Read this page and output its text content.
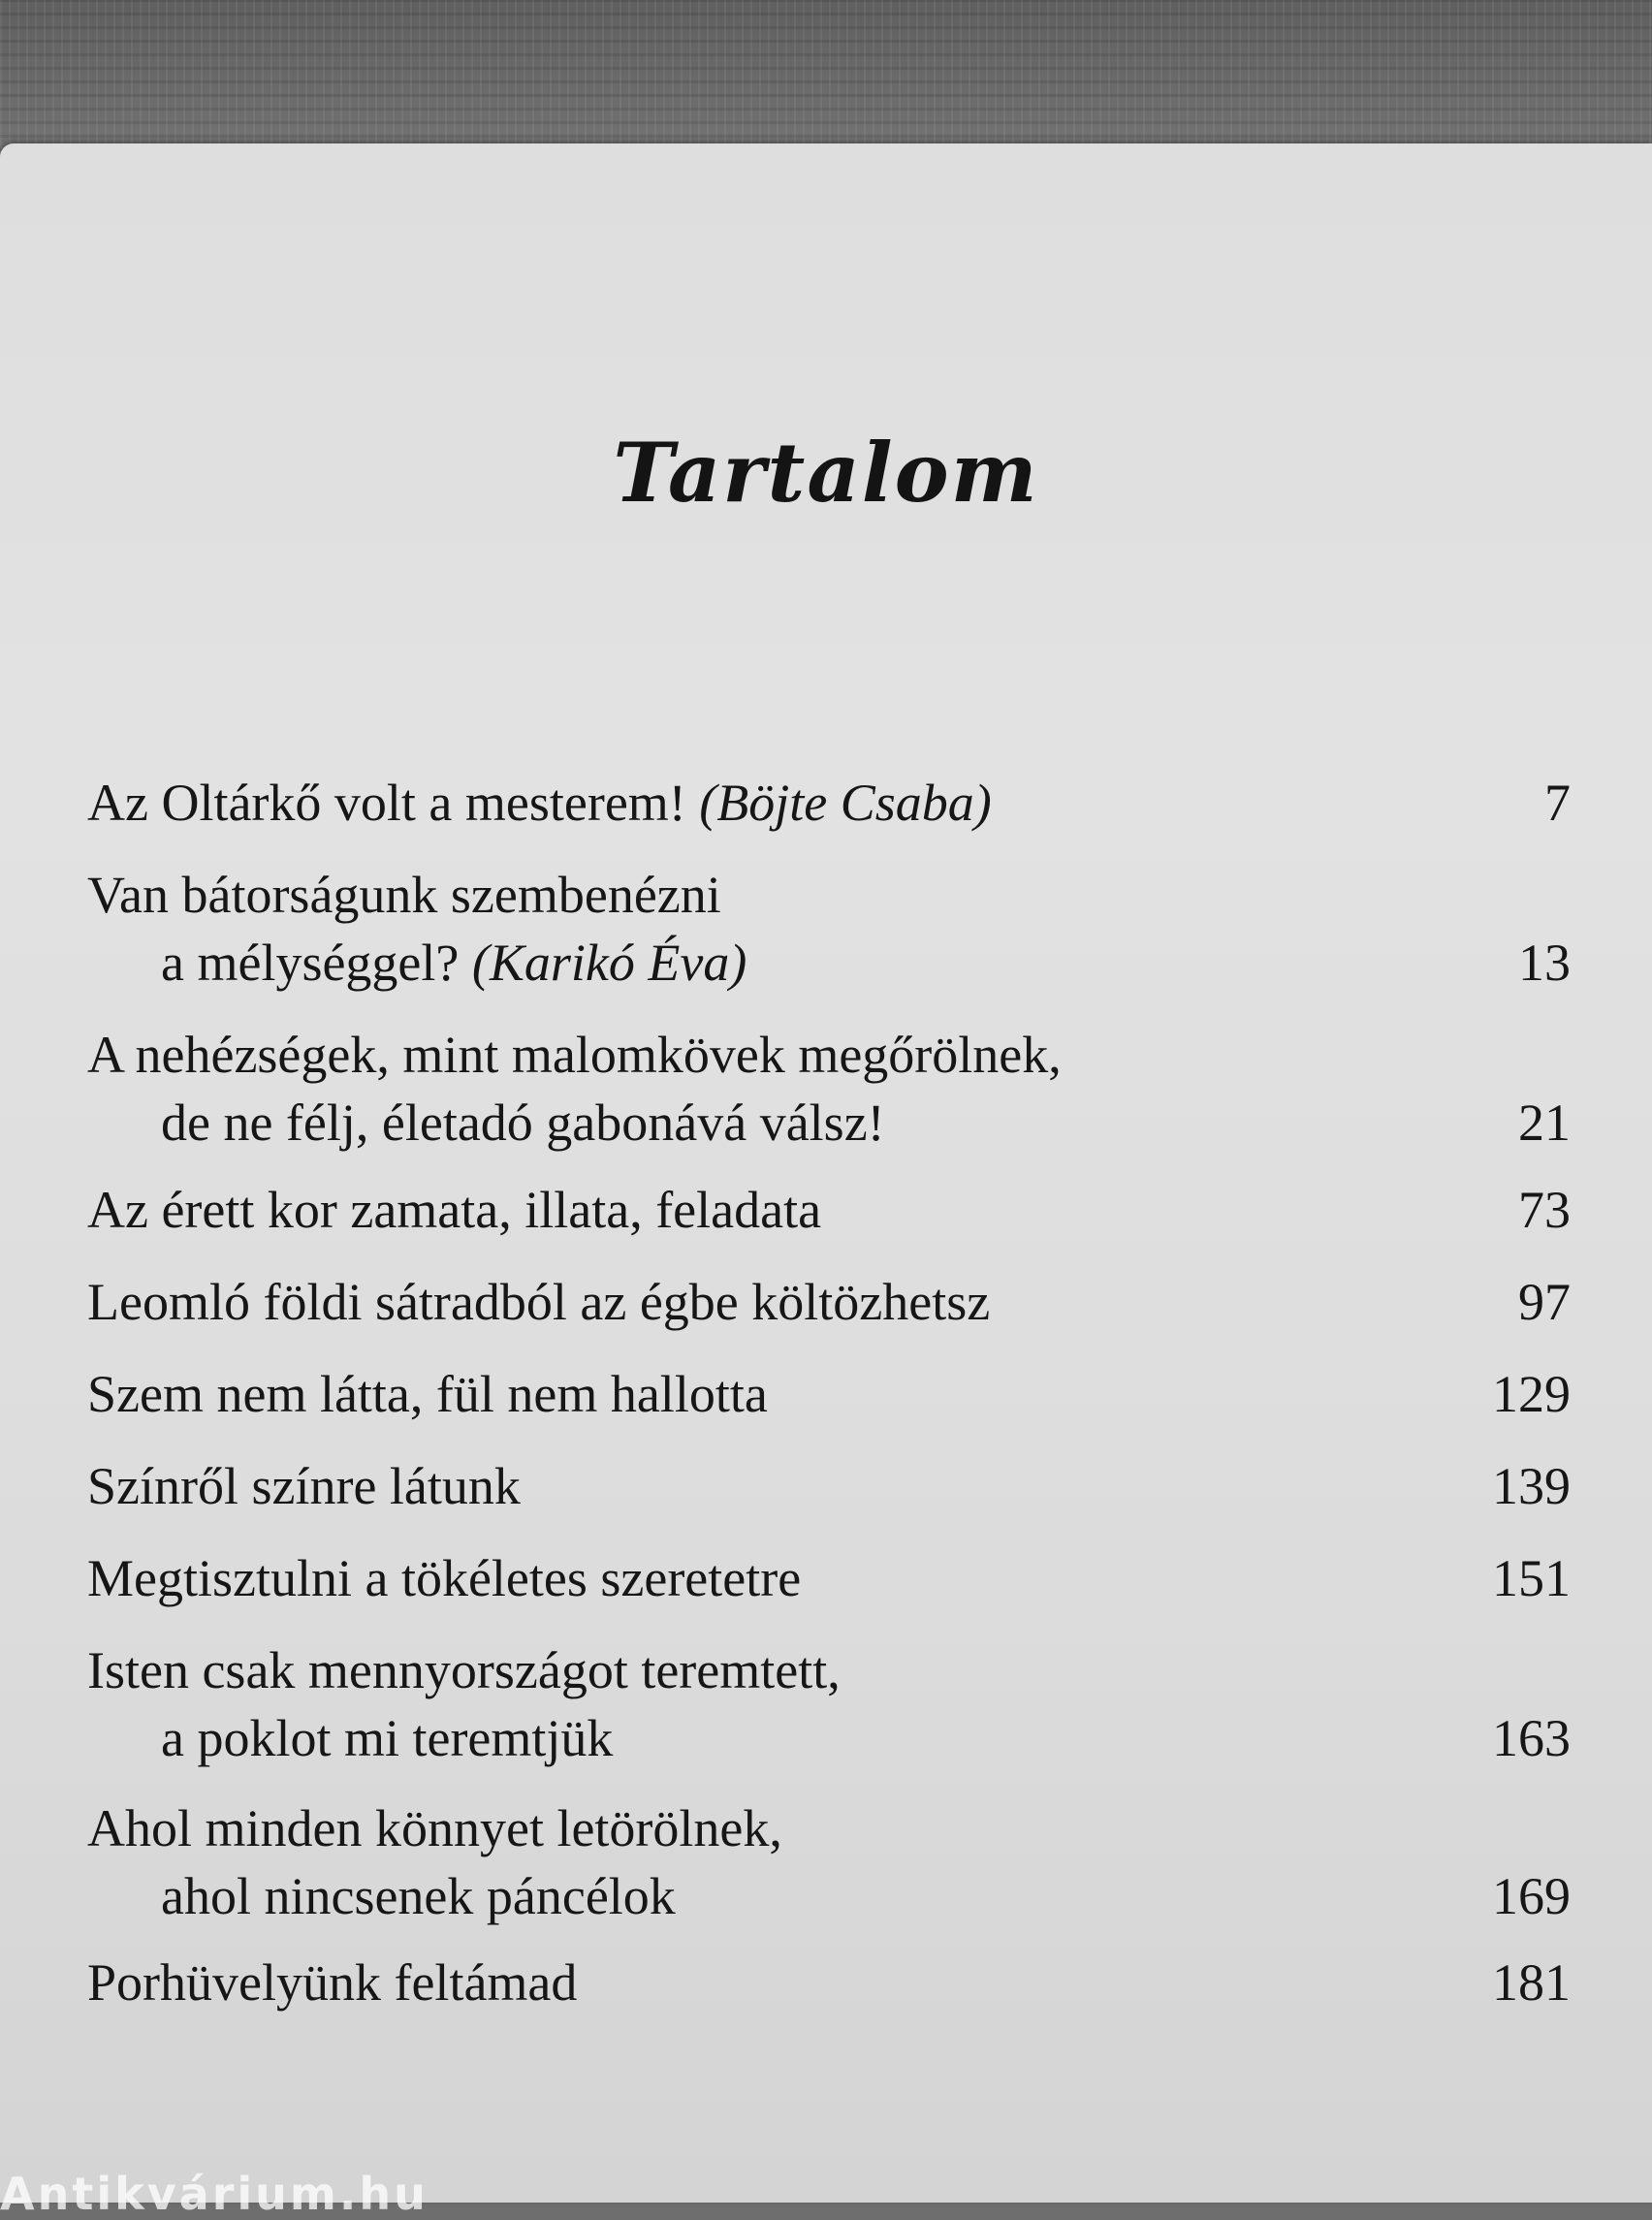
Tartalom
Az Oltárkő volt a mesterem! (Böjte Csaba)	7
Van bátorságunk szembenézni
a mélységgel? (Karikó Éva)	13
A nehézségek, mint malomkövek megőrölnek,
de ne félj, életadó gabonává válsz!	21
Az érett kor zamata, illata, feladata	73
Leomló földi sátradból az égbe költözhetsz	97
Szem nem látta, fül nem hallotta	129
Színről színre látunk	139
Megtisztulni a tökéletes szeretetre	151
Isten csak mennyországot teremtett,
a poklot mi teremtjük	163
Ahol minden könnyet letörölnek,
ahol nincsenek páncélok	169
Porhüvelyünk feltámad	181
Antikvárium.hu
